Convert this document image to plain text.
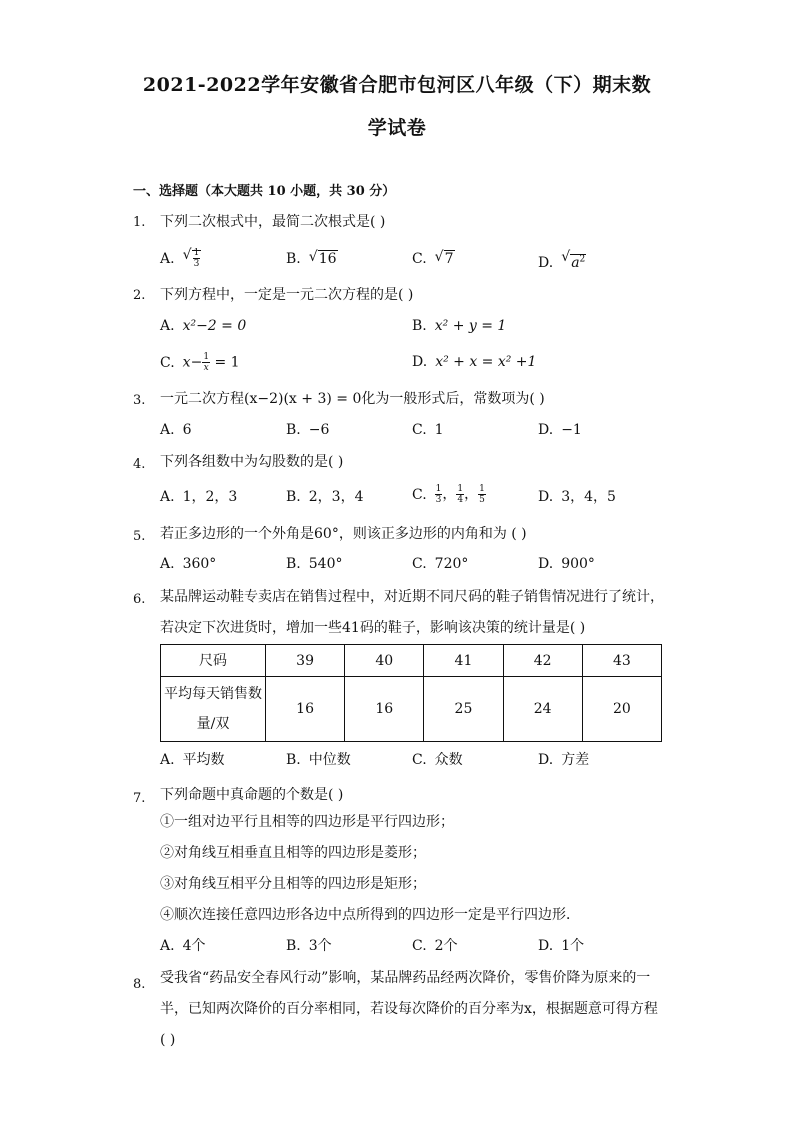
2021-2022学年安徽省合肥市包河区八年级（下）期末数
学试卷
一、选择题（本大题共 10 小题，共 30 分）
1. 下列二次根式中，最简二次根式是( )
A. √ $\frac{1}{3}$	B. √ 16	C. √ 7	D. √ $a^2$
2. 下列方程中，一定是一元二次方程的是( )
A. x²−2 = 0	B. x² + y = 1
C. $x- \frac{1}{x} = 1$	D. x² + x = x² +1
3. 一元二次方程(x−2)(x + 3) = 0化为一般形式后，常数项为( )
A. 6	B. −6	C. 1	D. −1
4. 下列各组数中为勾股数的是( )
A. 1，2，3	B. 2，3，4	C. $\frac{1}{3}$ ， $\frac{1}{4}$ ， $\frac{1}{5}$	D. 3，4，5
5. 若正多边形的一个外角是60°，则该正多边形的内角和为 ( )
A. 360°	B. 540°	C. 720°	D. 900°
6. 某品牌运动鞋专卖店在销售过程中，对近期不同尺码的鞋子销售情况进行了统计，
若决定下次进货时，增加一些41码的鞋子，影响该决策的统计量是( )
尺码	39	40	41	42	43

平均每天销售数
量/双	16	16	25	24	20
A. 平均数	B. 中位数	C. 众数	D. 方差
7. 下列命题中真命题的个数是( )
①一组对边平行且相等的四边形是平行四边形；
②对角线互相垂直且相等的四边形是菱形；
③对角线互相平分且相等的四边形是矩形；
④顺次连接任意四边形各边中点所得到的四边形一定是平行四边形．
A. 4个	B. 3个	C. 2个	D. 1个
8. 受我省“药品安全春风行动”影响，某品牌药品经两次降价，零售价降为原来的一
半，已知两次降价的百分率相同，若设每次降价的百分率为x，根据题意可得方程
( )
